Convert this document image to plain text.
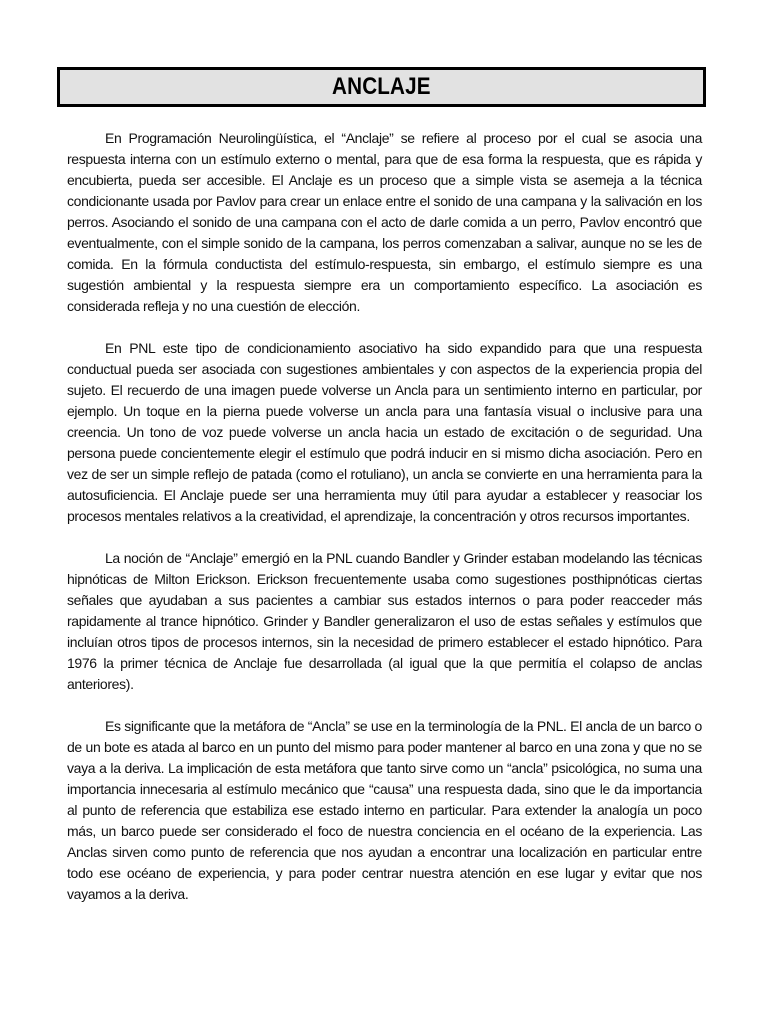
ANCLAJE

En Programación Neurolingüística, el “Anclaje” se refiere al proceso por el cual se asocia una respuesta interna con un estímulo externo o mental, para que de esa forma la respuesta, que es rápida y encubierta, pueda ser accesible. El Anclaje es un proceso que a simple vista se asemeja a la técnica condicionante usada por Pavlov para crear un enlace entre el sonido de una campana y la salivación en los perros. Asociando el sonido de una campana con el acto de darle comida a un perro, Pavlov encontró que eventualmente, con el simple sonido de la campana, los perros comenzaban a salivar, aunque no se les de comida. En la fórmula conductista del estímulo-respuesta, sin embargo, el estímulo siempre es una sugestión ambiental y la respuesta siempre era un comportamiento específico. La asociación es considerada refleja y no una cuestión de elección.

En PNL este tipo de condicionamiento asociativo ha sido expandido para que una respuesta conductual pueda ser asociada con sugestiones ambientales y con aspectos de la experiencia propia del sujeto. El recuerdo de una imagen puede volverse un Ancla para un sentimiento interno en particular, por ejemplo. Un toque en la pierna puede volverse un ancla para una fantasía visual o inclusive para una creencia. Un tono de voz puede volverse un ancla hacia un estado de excitación o de seguridad. Una persona puede concientemente elegir el estímulo que podrá inducir en si mismo dicha asociación. Pero en vez de ser un simple reflejo de patada (como el rotuliano), un ancla se convierte en una herramienta para la autosuficiencia. El Anclaje puede ser una herramienta muy útil para ayudar a establecer y reasociar los procesos mentales relativos a la creatividad, el aprendizaje, la concentración y otros recursos importantes.

La noción de “Anclaje” emergió en la PNL cuando Bandler y Grinder estaban modelando las técnicas hipnóticas de Milton Erickson. Erickson frecuentemente usaba como sugestiones posthipnóticas ciertas señales que ayudaban a sus pacientes a cambiar sus estados internos o para poder reacceder más rapidamente al trance hipnótico. Grinder y Bandler generalizaron el uso de estas señales y estímulos que incluían otros tipos de procesos internos, sin la necesidad de primero establecer el estado hipnótico. Para 1976 la primer técnica de Anclaje fue desarrollada (al igual que la que permitía el colapso de anclas anteriores).

Es significante que la metáfora de “Ancla” se use en la terminología de la PNL. El ancla de un barco o de un bote es atada al barco en un punto del mismo para poder mantener al barco en una zona y que no se vaya a la deriva. La implicación de esta metáfora que tanto sirve como un “ancla” psicológica, no suma una importancia innecesaria al estímulo mecánico que “causa” una respuesta dada, sino que le da importancia al punto de referencia que estabiliza ese estado interno en particular. Para extender la analogía un poco más, un barco puede ser considerado el foco de nuestra conciencia en el océano de la experiencia. Las Anclas sirven como punto de referencia que nos ayudan a encontrar una localización en particular entre todo ese océano de experiencia, y para poder centrar nuestra atención en ese lugar y evitar que nos vayamos a la deriva.
